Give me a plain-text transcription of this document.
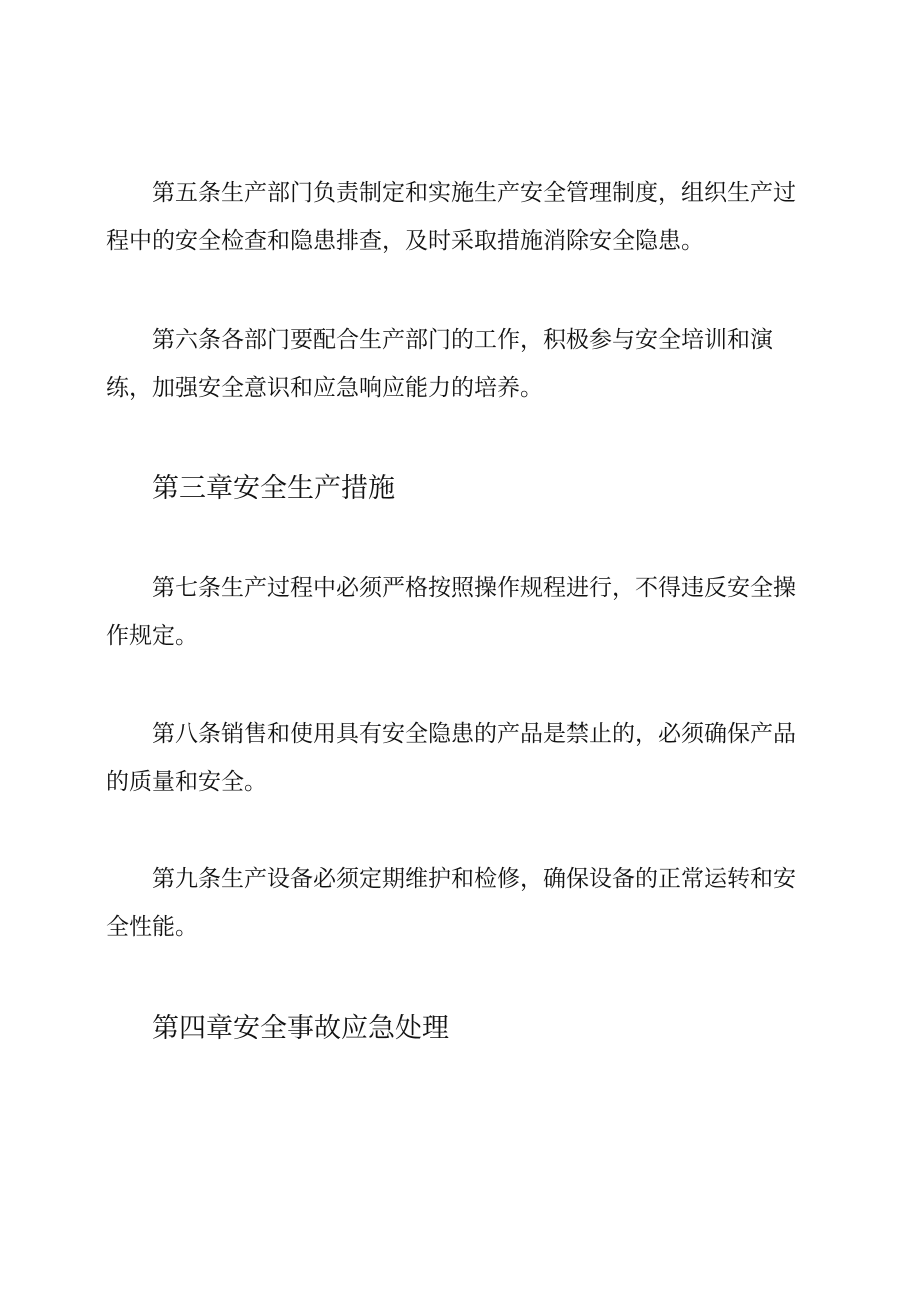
第五条生产部门负责制定和实施生产安全管理制度，组织生产过程中的安全检查和隐患排查，及时采取措施消除安全隐患。

第六条各部门要配合生产部门的工作，积极参与安全培训和演练，加强安全意识和应急响应能力的培养。

第三章安全生产措施

第七条生产过程中必须严格按照操作规程进行，不得违反安全操作规定。

第八条销售和使用具有安全隐患的产品是禁止的，必须确保产品的质量和安全。

第九条生产设备必须定期维护和检修，确保设备的正常运转和安全性能。

第四章安全事故应急处理
